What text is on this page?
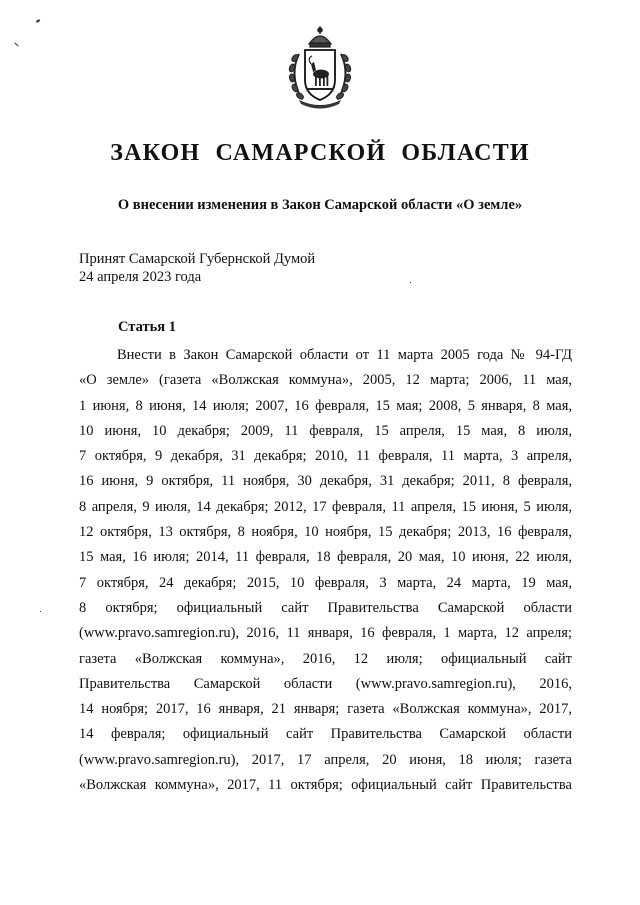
ЗАКОН САМАРСКОЙ ОБЛАСТИ
О внесении изменения в Закон Самарской области «О земле»
Принят Самарской Губернской Думой
24 апреля 2023 года
Статья 1
Внести в Закон Самарской области от 11 марта 2005 года № 94-ГД
«О земле» (газета «Волжская коммуна», 2005, 12 марта; 2006, 11 мая,
1 июня, 8 июня, 14 июля; 2007, 16 февраля, 15 мая; 2008, 5 января, 8 мая,
10 июня, 10 декабря; 2009, 11 февраля, 15 апреля, 15 мая, 8 июля,
7 октября, 9 декабря, 31 декабря; 2010, 11 февраля, 11 марта, 3 апреля,
16 июня, 9 октября, 11 ноября, 30 декабря, 31 декабря; 2011, 8 февраля,
8 апреля, 9 июля, 14 декабря; 2012, 17 февраля, 11 апреля, 15 июня, 5 июля,
12 октября, 13 октября, 8 ноября, 10 ноября, 15 декабря; 2013, 16 февраля,
15 мая, 16 июля; 2014, 11 февраля, 18 февраля, 20 мая, 10 июня, 22 июля,
7 октября, 24 декабря; 2015, 10 февраля, 3 марта, 24 марта, 19 мая,
8 октября; официальный сайт Правительства Самарской области
(www.pravo.samregion.ru), 2016, 11 января, 16 февраля, 1 марта, 12 апреля;
газета «Волжская коммуна», 2016, 12 июля; официальный сайт
Правительства Самарской области (www.pravo.samregion.ru), 2016,
14 ноября; 2017, 16 января, 21 января; газета «Волжская коммуна», 2017,
14 февраля; официальный сайт Правительства Самарской области
(www.pravo.samregion.ru), 2017, 17 апреля, 20 июня, 18 июля; газета
«Волжская коммуна», 2017, 11 октября; официальный сайт Правительства
